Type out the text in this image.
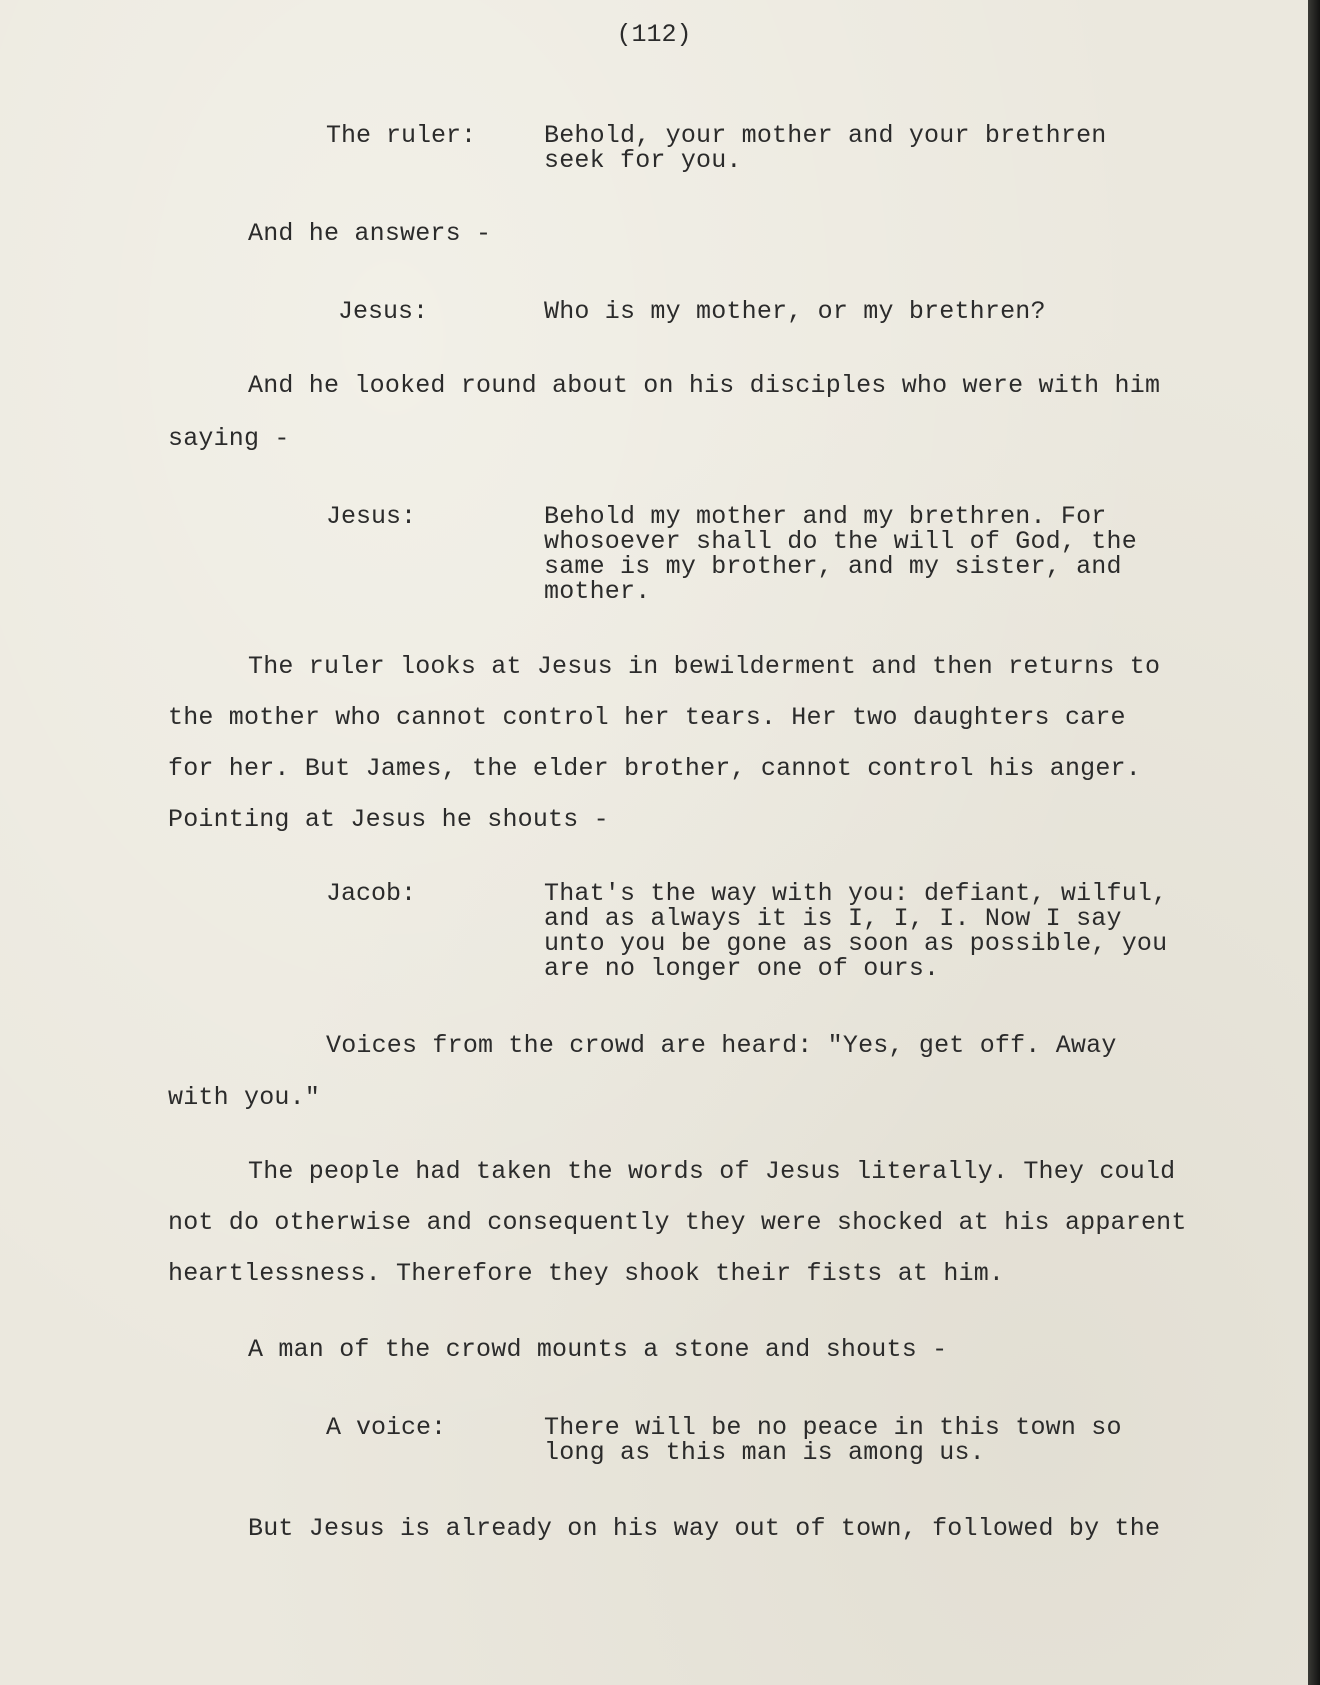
(112)
The ruler:	Behold, your mother and your brethren
seek for you.
And he answers -
Jesus:	Who is my mother, or my brethren?
And he looked round about on his disciples who were with him
saying -
Jesus:	Behold my mother and my brethren. For
whosoever shall do the will of God, the
same is my brother, and my sister, and
mother.
The ruler looks at Jesus in bewilderment and then returns to
the mother who cannot control her tears. Her two daughters care
for her. But James, the elder brother, cannot control his anger.
Pointing at Jesus he shouts -
Jacob:	That's the way with you: defiant, wilful,
and as always it is I, I, I. Now I say
unto you be gone as soon as possible, you
are no longer one of ours.
Voices from the crowd are heard: "Yes, get off. Away
with you."
The people had taken the words of Jesus literally. They could
not do otherwise and consequently they were shocked at his apparent
heartlessness. Therefore they shook their fists at him.
A man of the crowd mounts a stone and shouts -
A voice:	There will be no peace in this town so
long as this man is among us.
But Jesus is already on his way out of town, followed by the
